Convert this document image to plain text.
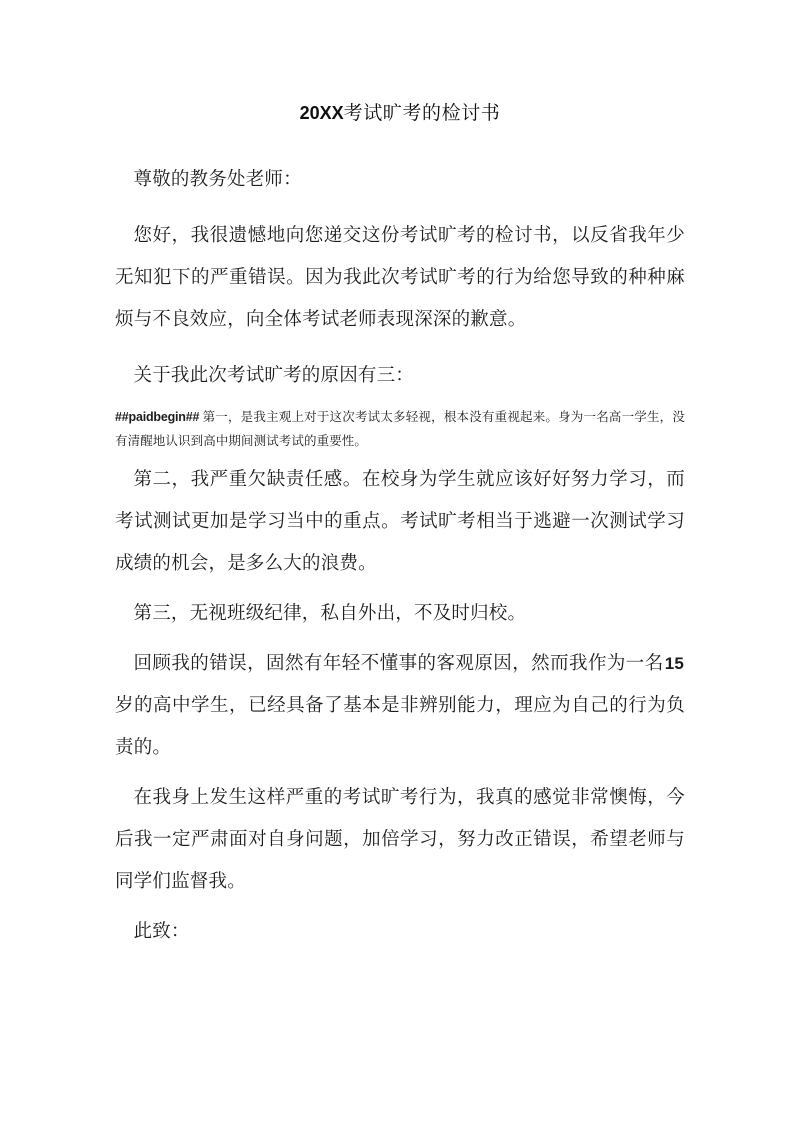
20XX考试旷考的检讨书

尊敬的教务处老师：

您好，我很遗憾地向您递交这份考试旷考的检讨书，以反省我年少无知犯下的严重错误。因为我此次考试旷考的行为给您导致的种种麻烦与不良效应，向全体考试老师表现深深的歉意。

关于我此次考试旷考的原因有三：

##paidbegin## 第一，是我主观上对于这次考试太多轻视，根本没有重视起来。身为一名高一学生，没有清醒地认识到高中期间测试考试的重要性。

第二，我严重欠缺责任感。在校身为学生就应该好好努力学习，而考试测试更加是学习当中的重点。考试旷考相当于逃避一次测试学习成绩的机会，是多么大的浪费。

第三，无视班级纪律，私自外出，不及时归校。

回顾我的错误，固然有年轻不懂事的客观原因，然而我作为一名15岁的高中学生，已经具备了基本是非辨别能力，理应为自己的行为负责的。

在我身上发生这样严重的考试旷考行为，我真的感觉非常懊悔，今后我一定严肃面对自身问题，加倍学习，努力改正错误，希望老师与同学们监督我。

此致：
